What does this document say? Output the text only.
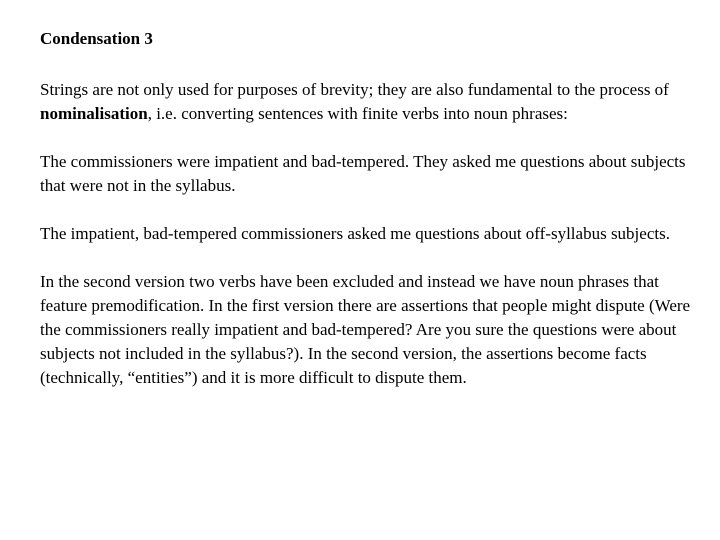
Condensation 3
Strings are not only used for purposes of brevity; they are also fundamental to the process of nominalisation, i.e. converting sentences with finite verbs into noun phrases:
The commissioners were impatient and bad-tempered. They asked me questions about subjects that were not in the syllabus.
The impatient, bad-tempered commissioners asked me questions about off-syllabus subjects.
In the second version two verbs have been excluded and instead we have noun phrases that feature premodification. In the first version there are assertions that people might dispute (Were the commissioners really impatient and bad-tempered? Are you sure the questions were about subjects not included in the syllabus?). In the second version, the assertions become facts (technically, “entities”) and it is more difficult to dispute them.
